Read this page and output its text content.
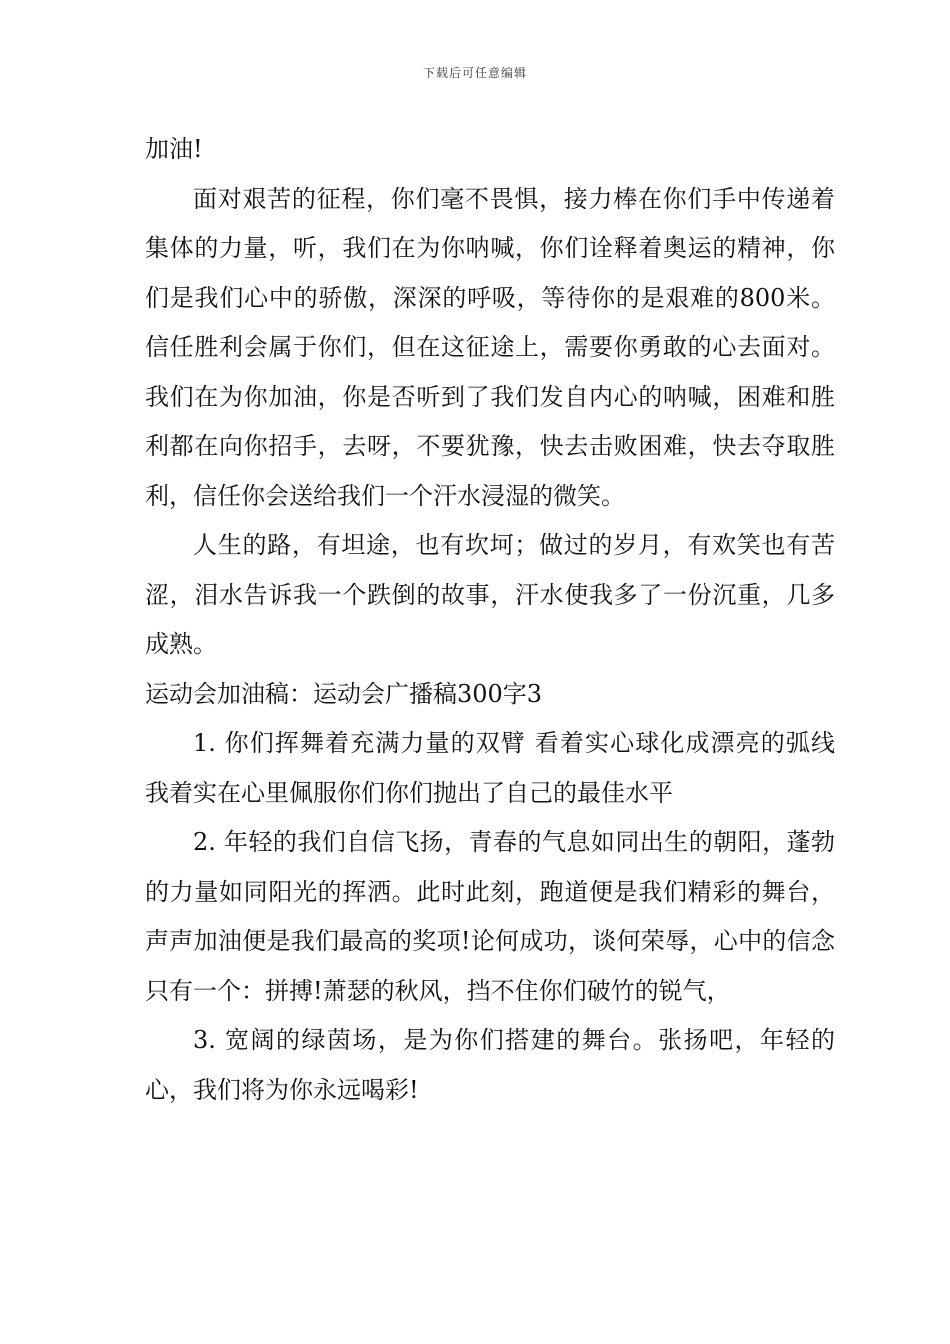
下载后可任意编辑

加油!

面对艰苦的征程，你们毫不畏惧，接力棒在你们手中传递着集体的力量，听，我们在为你呐喊，你们诠释着奥运的精神，你们是我们心中的骄傲，深深的呼吸，等待你的是艰难的800米。信任胜利会属于你们，但在这征途上，需要你勇敢的心去面对。我们在为你加油，你是否听到了我们发自内心的呐喊，困难和胜利都在向你招手，去呀，不要犹豫，快去击败困难，快去夺取胜利，信任你会送给我们一个汗水浸湿的微笑。

人生的路，有坦途，也有坎坷；做过的岁月，有欢笑也有苦涩，泪水告诉我一个跌倒的故事，汗水使我多了一份沉重，几多成熟。

运动会加油稿：运动会广播稿300字3

1. 你们挥舞着充满力量的双臂 看着实心球化成漂亮的弧线 我着实在心里佩服你们你们抛出了自己的最佳水平

2. 年轻的我们自信飞扬，青春的气息如同出生的朝阳，蓬勃的力量如同阳光的挥洒。此时此刻，跑道便是我们精彩的舞台，声声加油便是我们最高的奖项!论何成功，谈何荣辱，心中的信念只有一个：拼搏!萧瑟的秋风，挡不住你们破竹的锐气，

3. 宽阔的绿茵场，是为你们搭建的舞台。张扬吧，年轻的心，我们将为你永远喝彩!
